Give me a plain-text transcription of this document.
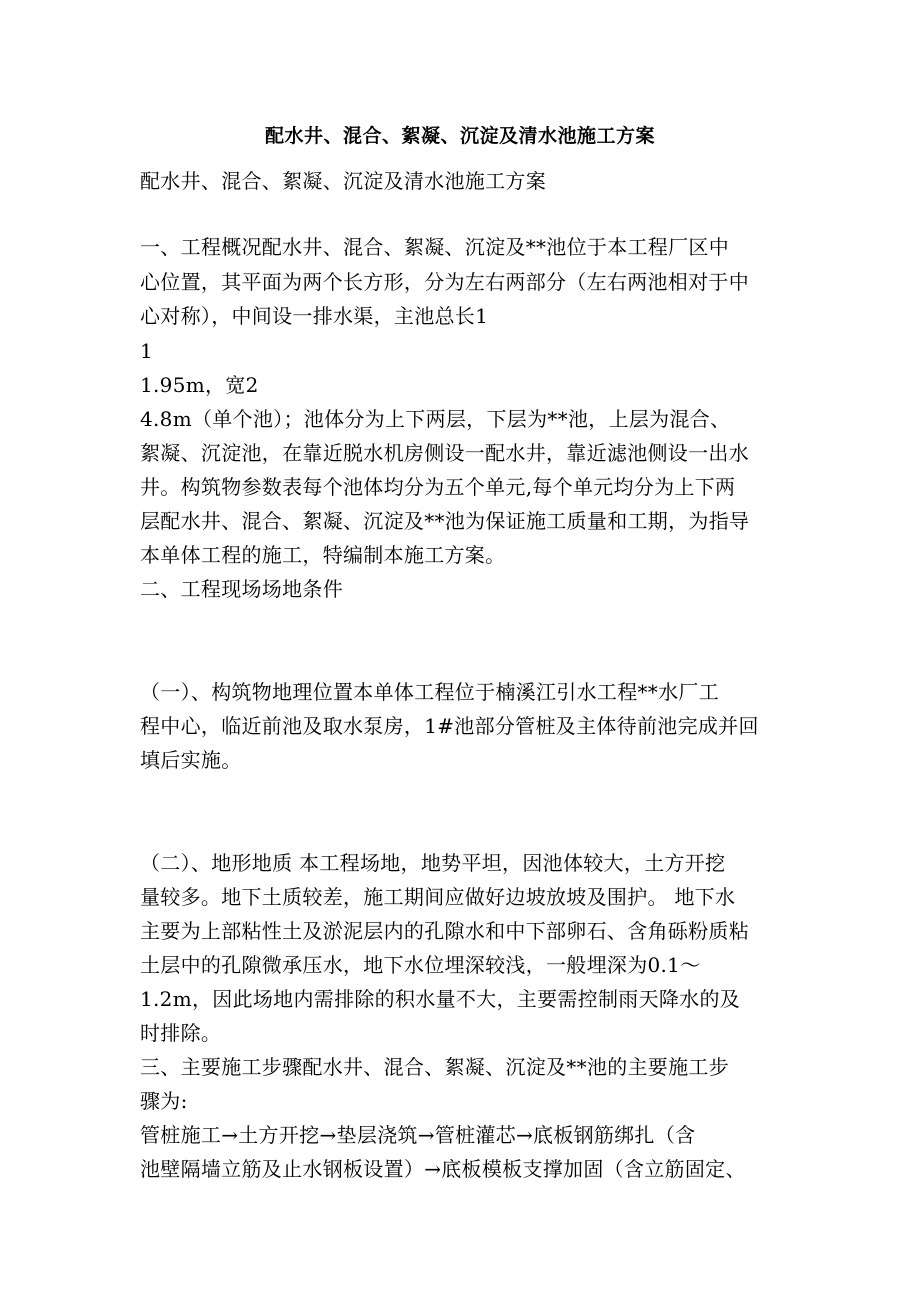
配水井、混合、絮凝、沉淀及清水池施工方案
配水井、混合、絮凝、沉淀及清水池施工方案
一、工程概况配水井、混合、絮凝、沉淀及**池位于本工程厂区中
心位置，其平面为两个长方形，分为左右两部分（左右两池相对于中
心对称），中间设一排水渠，主池总长1
1
1.95m，宽2
4.8m（单个池）；池体分为上下两层，下层为**池，上层为混合、
絮凝、沉淀池，在靠近脱水机房侧设一配水井，靠近滤池侧设一出水
井。构筑物参数表每个池体均分为五个单元,每个单元均分为上下两
层配水井、混合、絮凝、沉淀及**池为保证施工质量和工期，为指导
本单体工程的施工，特编制本施工方案。
二、工程现场场地条件
（一）、构筑物地理位置本单体工程位于楠溪江引水工程**水厂工
程中心，临近前池及取水泵房，1#池部分管桩及主体待前池完成并回
填后实施。
（二）、地形地质 本工程场地，地势平坦，因池体较大，土方开挖
量较多。地下土质较差，施工期间应做好边坡放坡及围护。 地下水
主要为上部粘性土及淤泥层内的孔隙水和中下部卵石、含角砾粉质粘
土层中的孔隙微承压水，地下水位埋深较浅，一般埋深为0.1～
1.2m，因此场地内需排除的积水量不大，主要需控制雨天降水的及
时排除。
三、主要施工步骤配水井、混合、絮凝、沉淀及**池的主要施工步
骤为:
管桩施工→土方开挖→垫层浇筑→管桩灌芯→底板钢筋绑扎（含
池壁隔墙立筋及止水钢板设置）→底板模板支撑加固（含立筋固定、
